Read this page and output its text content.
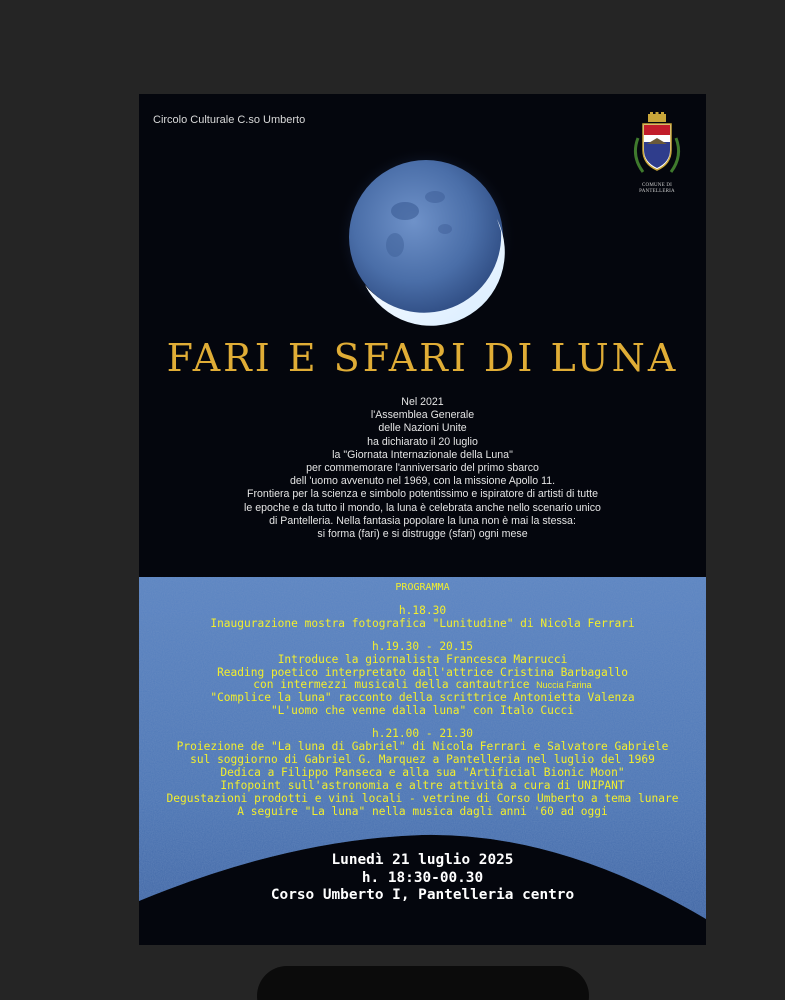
Circolo Culturale C.so Umberto
COMUNE DI
PANTELLERIA
FARI E SFARI DI LUNA

Nel 2021

l'Assemblea Generale

delle Nazioni Unite

ha dichiarato il 20 luglio

la "Giornata Internazionale della Luna"

per commemorare l'anniversario del primo sbarco

dell 'uomo avvenuto nel 1969, con la missione Apollo 11.

Frontiera per la scienza e simbolo potentissimo e ispiratore di artisti di tutte

le epoche e da tutto il mondo, la luna è celebrata anche nello scenario unico

di Pantelleria. Nella fantasia popolare la luna non è mai la stessa:

si forma (fari) e si distrugge (sfari) ogni mese

PROGRAMMA

h.18.30

Inaugurazione mostra fotografica "Lunitudine" di Nicola Ferrari

h.19.30 - 20.15

Introduce la giornalista Francesca Marrucci

Reading poetico interpretato dall'attrice Cristina Barbagallo

con intermezzi musicali della cantautrice Nuccia Farina

"Complice la luna" racconto della scrittrice Antonietta Valenza

"L'uomo che venne dalla luna" con Italo Cucci

h.21.00 - 21.30

Proiezione de "La luna di Gabriel" di Nicola Ferrari e Salvatore Gabriele

sul soggiorno di Gabriel G. Marquez a Pantelleria nel luglio del 1969

Dedica a Filippo Panseca e alla sua "Artificial Bionic Moon"

Infopoint sull'astronomia e altre attività a cura di UNIPANT

Degustazioni prodotti e vini locali - vetrine di Corso Umberto a tema lunare

A seguire "La luna" nella musica dagli anni '60 ad oggi

Lunedì 21 luglio 2025

h. 18:30-00.30

Corso Umberto I, Pantelleria centro
